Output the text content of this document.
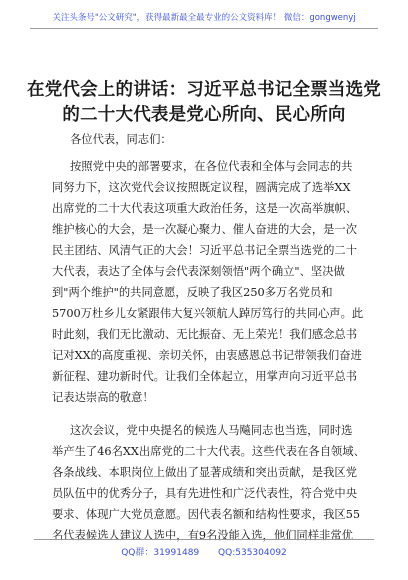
关注头条号"公文研究"，获得最新最全最专业的公文资料库！ 微信：gongwenyj
在党代会上的讲话：习近平总书记全票当选党
的二十大代表是党心所向、民心所向
各位代表，同志们：
按照党中央的部署要求，在各位代表和全体与会同志的共
同努力下，这次党代会议按照既定议程，圆满完成了选举XX
出席党的二十大代表这项重大政治任务，这是一次高举旗帜、
维护核心的大会，是一次凝心聚力、催人奋进的大会，是一次
民主团结、风清气正的大会！习近平总书记全票当选党的二十
大代表，表达了全体与会代表深刻领悟"两个确立"、坚决做
到"两个维护"的共同意愿，反映了我区250多万名党员和
5700万杜乡儿女紧跟伟大复兴领航人踔厉笃行的共同心声。此
时此刻，我们无比激动、无比振奋、无上荣光！我们感念总书
记对XX的高度重视、亲切关怀，由衷感恩总书记带领我们奋进
新征程、建功新时代。让我们全体起立，用掌声向习近平总书
记表达崇高的敬意！
这次会议，党中央提名的候选人马飚同志也当选，同时选
举产生了46名XX出席党的二十大代表。这些代表在各自领域、
各条战线、本职岗位上做出了显著成绩和突出贡献，是我区党
员队伍中的优秀分子，具有先进性和广泛代表性，符合党中央
要求、体现广大党员意愿。因代表名额和结构性要求，我区55
名代表候选人建议人选中，有9名没能入选，他们同样非常优
QQ群：31991489 QQ:535304092
